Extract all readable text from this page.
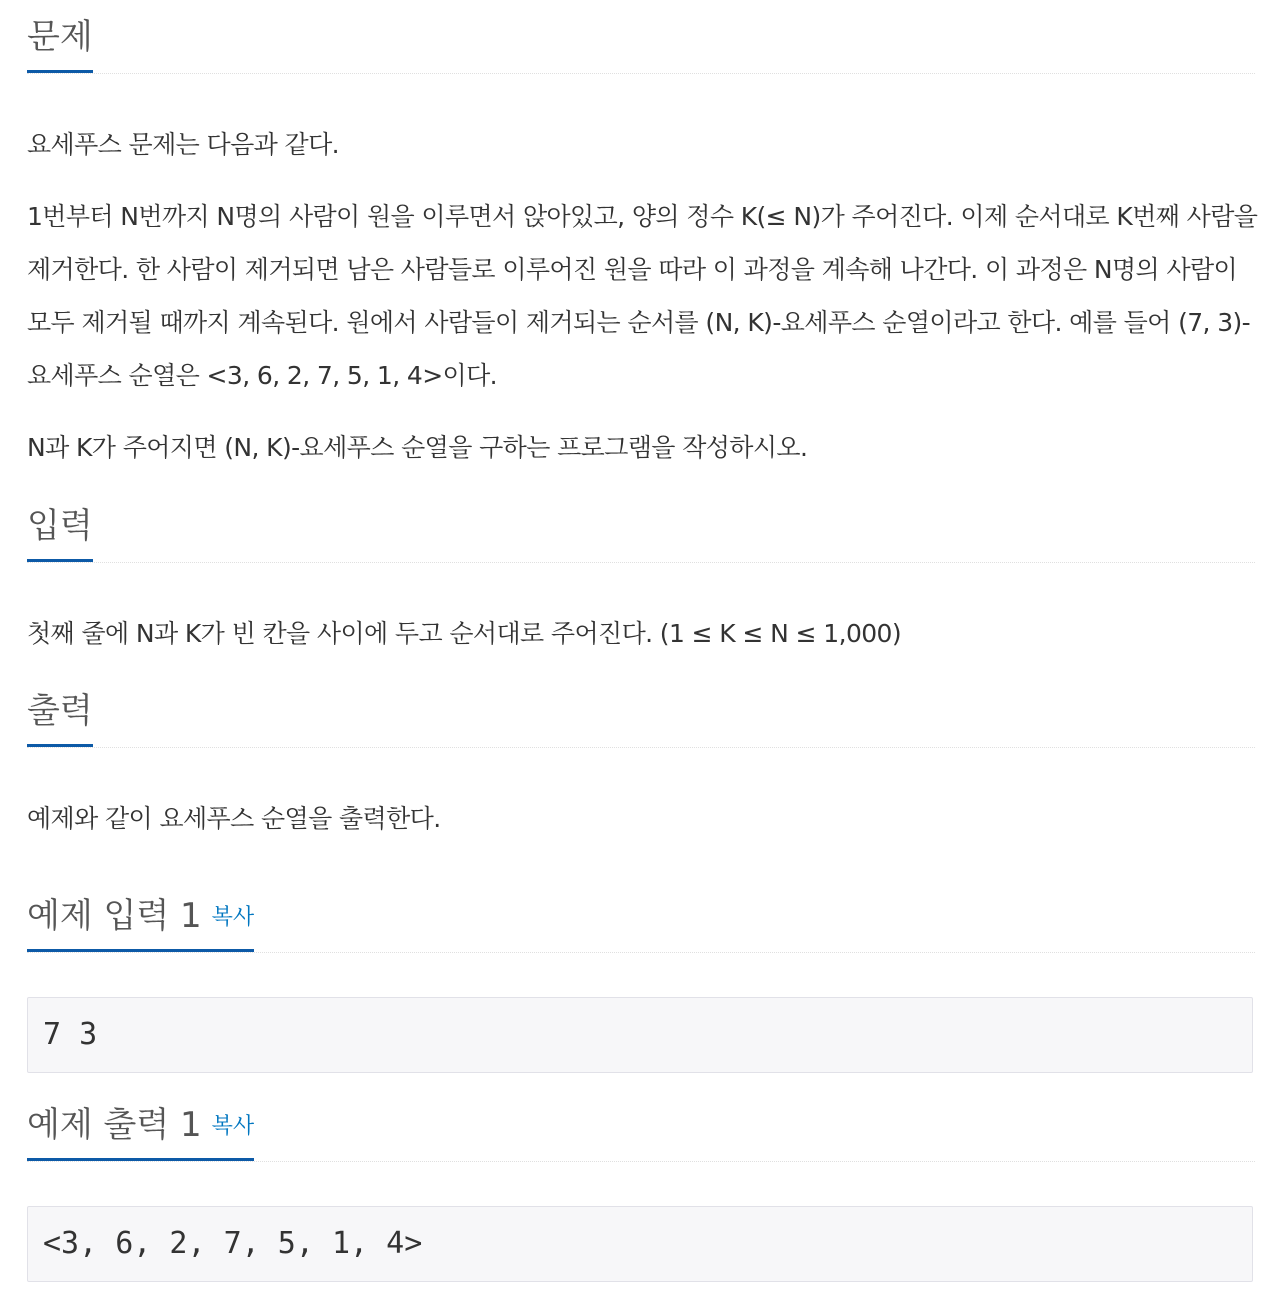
문제

요세푸스 문제는 다음과 같다.

1번부터 N번까지 N명의 사람이 원을 이루면서 앉아있고, 양의 정수 K(≤ N)가 주어진다. 이제 순서대로 K번째 사람을 제거한다. 한 사람이 제거되면 남은 사람들로 이루어진 원을 따라 이 과정을 계속해 나간다. 이 과정은 N명의 사람이 모두 제거될 때까지 계속된다. 원에서 사람들이 제거되는 순서를 (N, K)-요세푸스 순열이라고 한다. 예를 들어 (7, 3)-요세푸스 순열은 <3, 6, 2, 7, 5, 1, 4>이다.

N과 K가 주어지면 (N, K)-요세푸스 순열을 구하는 프로그램을 작성하시오.

입력

첫째 줄에 N과 K가 빈 칸을 사이에 두고 순서대로 주어진다. (1 ≤ K ≤ N ≤ 1,000)

출력

예제와 같이 요세푸스 순열을 출력한다.

예제 입력 1 복사
7 3
예제 출력 1 복사
<3, 6, 2, 7, 5, 1, 4>
